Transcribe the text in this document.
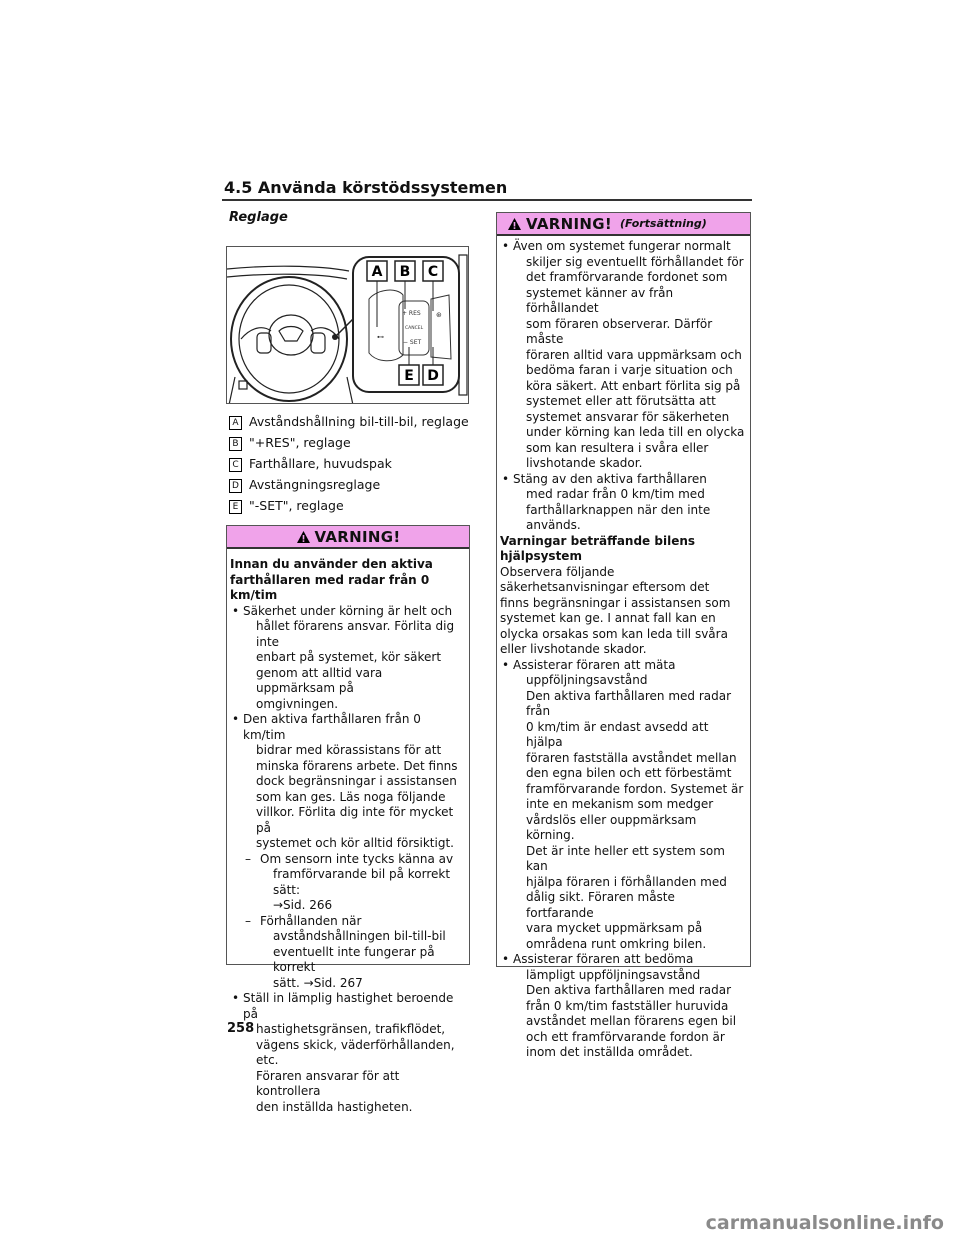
4.5 Använda körstödssystemen
Reglage
⊷
+ RES
CANCEL
− SET
⊛
A B C
E D
A Avståndshållning bil-till-bil, reglage
B "+RES", reglage
C Farthållare, huvudspak
D Avstängningsreglage
E "-SET", reglage
VARNING!

Innan du använder den aktiva
farthållaren med radar från 0 km/tim

• Säkerhet under körning är helt och
hållet förarens ansvar. Förlita dig inte
enbart på systemet, kör säkert
genom att alltid vara uppmärksam på
omgivningen.

• Den aktiva farthållaren från 0 km/tim
bidrar med körassistans för att
minska förarens arbete. Det finns
dock begränsningar i assistansen
som kan ges. Läs noga följande
villkor. Förlita dig inte för mycket på
systemet och kör alltid försiktigt.

– Om sensorn inte tycks känna av
framförvarande bil på korrekt sätt:
→Sid. 266

– Förhållanden när
avståndshållningen bil-till-bil
eventuellt inte fungerar på korrekt
sätt. →Sid. 267

• Ställ in lämplig hastighet beroende på
hastighetsgränsen, trafikflödet,
vägens skick, väderförhållanden, etc.
Föraren ansvarar för att kontrollera
den inställda hastigheten.

VARNING! (Fortsättning)

• Även om systemet fungerar normalt
skiljer sig eventuellt förhållandet för
det framförvarande fordonet som
systemet känner av från förhållandet
som föraren observerar. Därför måste
föraren alltid vara uppmärksam och
bedöma faran i varje situation och
köra säkert. Att enbart förlita sig på
systemet eller att förutsätta att
systemet ansvarar för säkerheten
under körning kan leda till en olycka
som kan resultera i svåra eller
livshotande skador.

• Stäng av den aktiva farthållaren
med radar från 0 km/tim med
farthållarknappen när den inte
används.

Varningar beträffande bilens
hjälpsystem

Observera följande
säkerhetsanvisningar eftersom det
finns begränsningar i assistansen som
systemet kan ge. I annat fall kan en
olycka orsakas som kan leda till svåra
eller livshotande skador.

• Assisterar föraren att mäta
uppföljningsavstånd
Den aktiva farthållaren med radar från
0 km/tim är endast avsedd att hjälpa
föraren fastställa avståndet mellan
den egna bilen och ett förbestämt
framförvarande fordon. Systemet är
inte en mekanism som medger
vårdslös eller ouppmärksam körning.
Det är inte heller ett system som kan
hjälpa föraren i förhållanden med
dålig sikt. Föraren måste fortfarande
vara mycket uppmärksam på
områdena runt omkring bilen.

• Assisterar föraren att bedöma
lämpligt uppföljningsavstånd
Den aktiva farthållaren med radar
från 0 km/tim fastställer huruvida
avståndet mellan förarens egen bil
och ett framförvarande fordon är
inom det inställda området.

258
carmanualsonline.info
